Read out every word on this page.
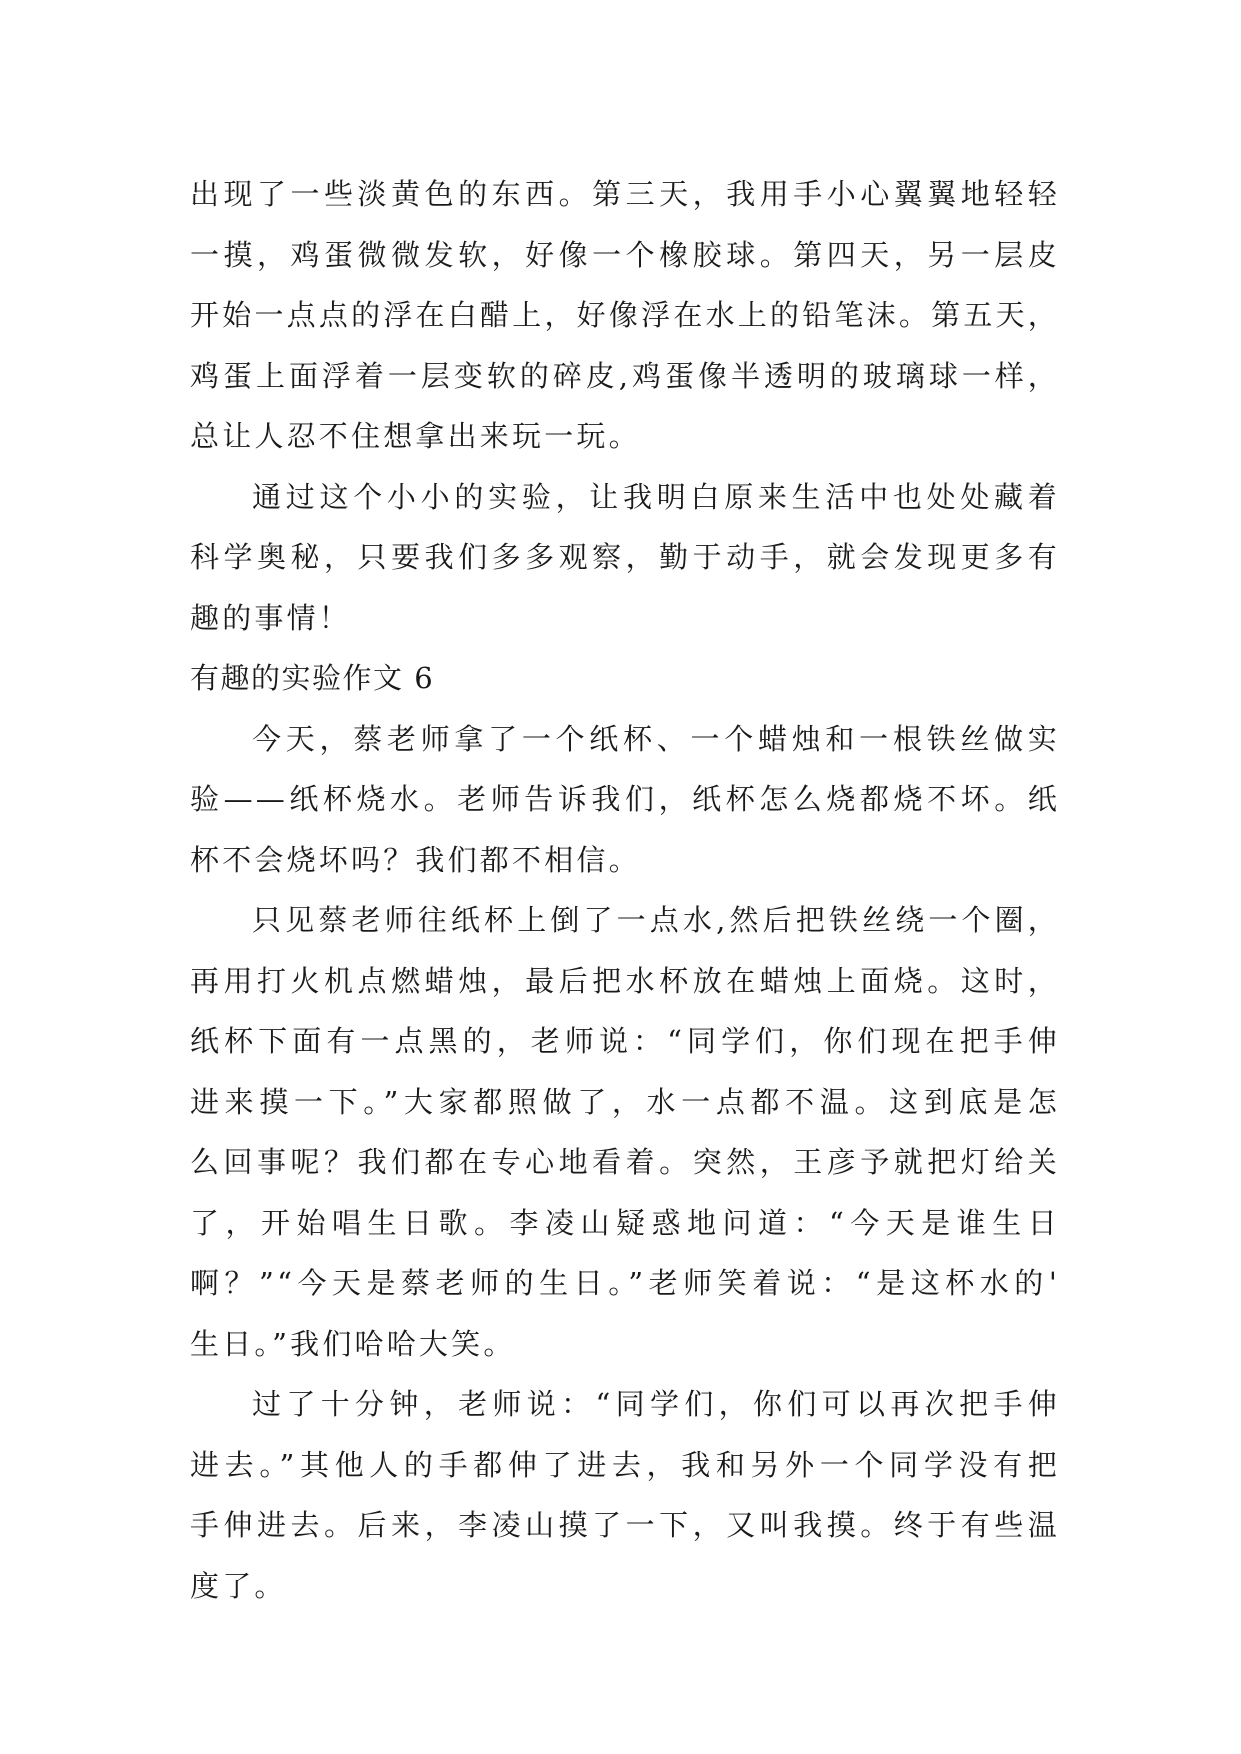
出现了一些淡黄色的东西。第三天，我用手小心翼翼地轻轻
一摸，鸡蛋微微发软，好像一个橡胶球。第四天，另一层皮
开始一点点的浮在白醋上，好像浮在水上的铅笔沫。第五天，
鸡蛋上面浮着一层变软的碎皮,鸡蛋像半透明的玻璃球一样，
总让人忍不住想拿出来玩一玩。
通过这个小小的实验，让我明白原来生活中也处处藏着
科学奥秘，只要我们多多观察，勤于动手，就会发现更多有
趣的事情！
有趣的实验作文 6
今天，蔡老师拿了一个纸杯、一个蜡烛和一根铁丝做实
验——纸杯烧水。老师告诉我们，纸杯怎么烧都烧不坏。纸
杯不会烧坏吗？我们都不相信。
只见蔡老师往纸杯上倒了一点水,然后把铁丝绕一个圈，
再用打火机点燃蜡烛，最后把水杯放在蜡烛上面烧。这时，
纸杯下面有一点黑的，老师说：“同学们，你们现在把手伸
进来摸一下。”大家都照做了，水一点都不温。这到底是怎
么回事呢？我们都在专心地看着。突然，王彦予就把灯给关
了，开始唱生日歌。李凌山疑惑地问道：“今天是谁生日
啊？”“今天是蔡老师的生日。”老师笑着说：“是这杯水的'
生日。”我们哈哈大笑。
过了十分钟，老师说：“同学们，你们可以再次把手伸
进去。”其他人的手都伸了进去，我和另外一个同学没有把
手伸进去。后来，李凌山摸了一下，又叫我摸。终于有些温
度了。
